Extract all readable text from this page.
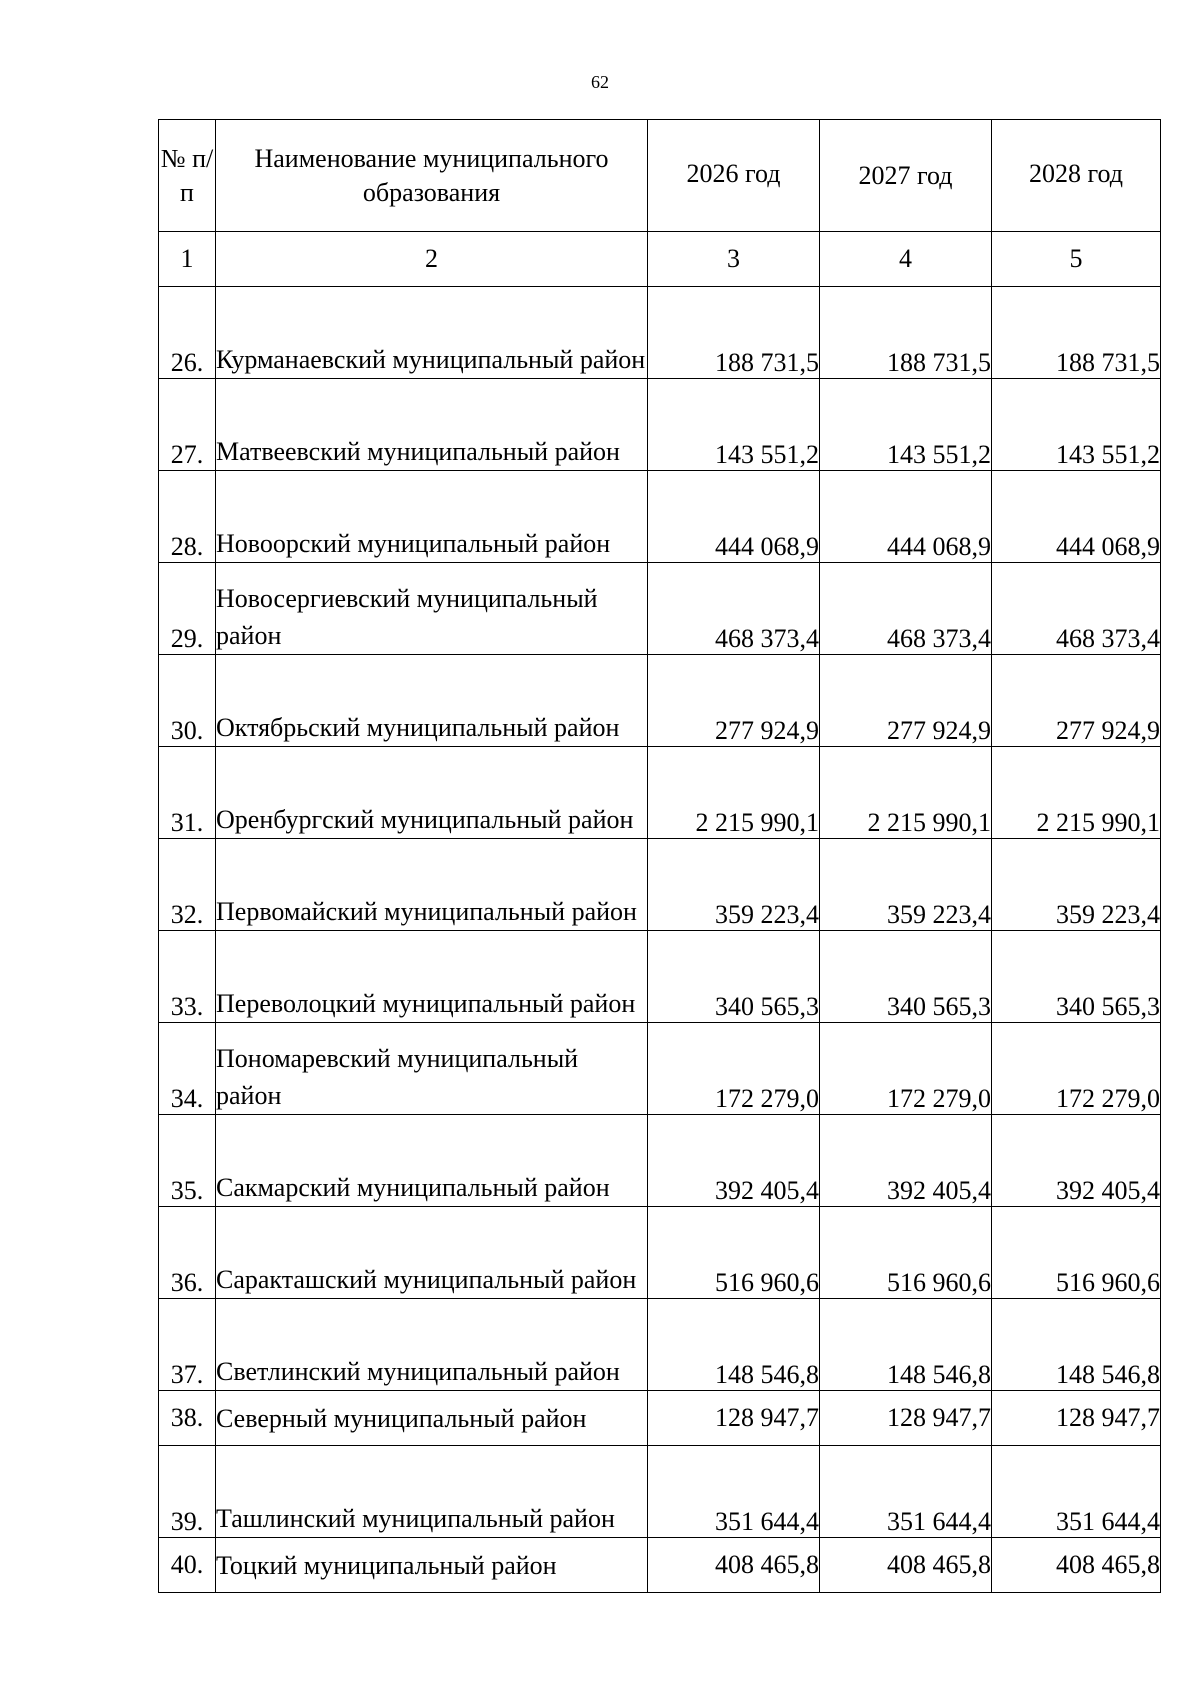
62
№ п/п	Наименование муниципального образования	2026 год	2027 год	2028 год
1	2	3	4	5
26.	Курманаевский муниципальный район	188 731,5	188 731,5	188 731,5
27.	Матвеевский муниципальный район	143 551,2	143 551,2	143 551,2
28.	Новоорский муниципальный район	444 068,9	444 068,9	444 068,9
29.	Новосергиевский муниципальный район	468 373,4	468 373,4	468 373,4
30.	Октябрьский муниципальный район	277 924,9	277 924,9	277 924,9
31.	Оренбургский муниципальный район	2 215 990,1	2 215 990,1	2 215 990,1
32.	Первомайский муниципальный район	359 223,4	359 223,4	359 223,4
33.	Переволоцкий муниципальный район	340 565,3	340 565,3	340 565,3
34.	Пономаревский муниципальный район	172 279,0	172 279,0	172 279,0
35.	Сакмарский муниципальный район	392 405,4	392 405,4	392 405,4
36.	Саракташский муниципальный район	516 960,6	516 960,6	516 960,6
37.	Светлинский муниципальный район	148 546,8	148 546,8	148 546,8
38.	Северный муниципальный район	128 947,7	128 947,7	128 947,7
39.	Ташлинский муниципальный район	351 644,4	351 644,4	351 644,4
40.	Тоцкий муниципальный район	408 465,8	408 465,8	408 465,8
